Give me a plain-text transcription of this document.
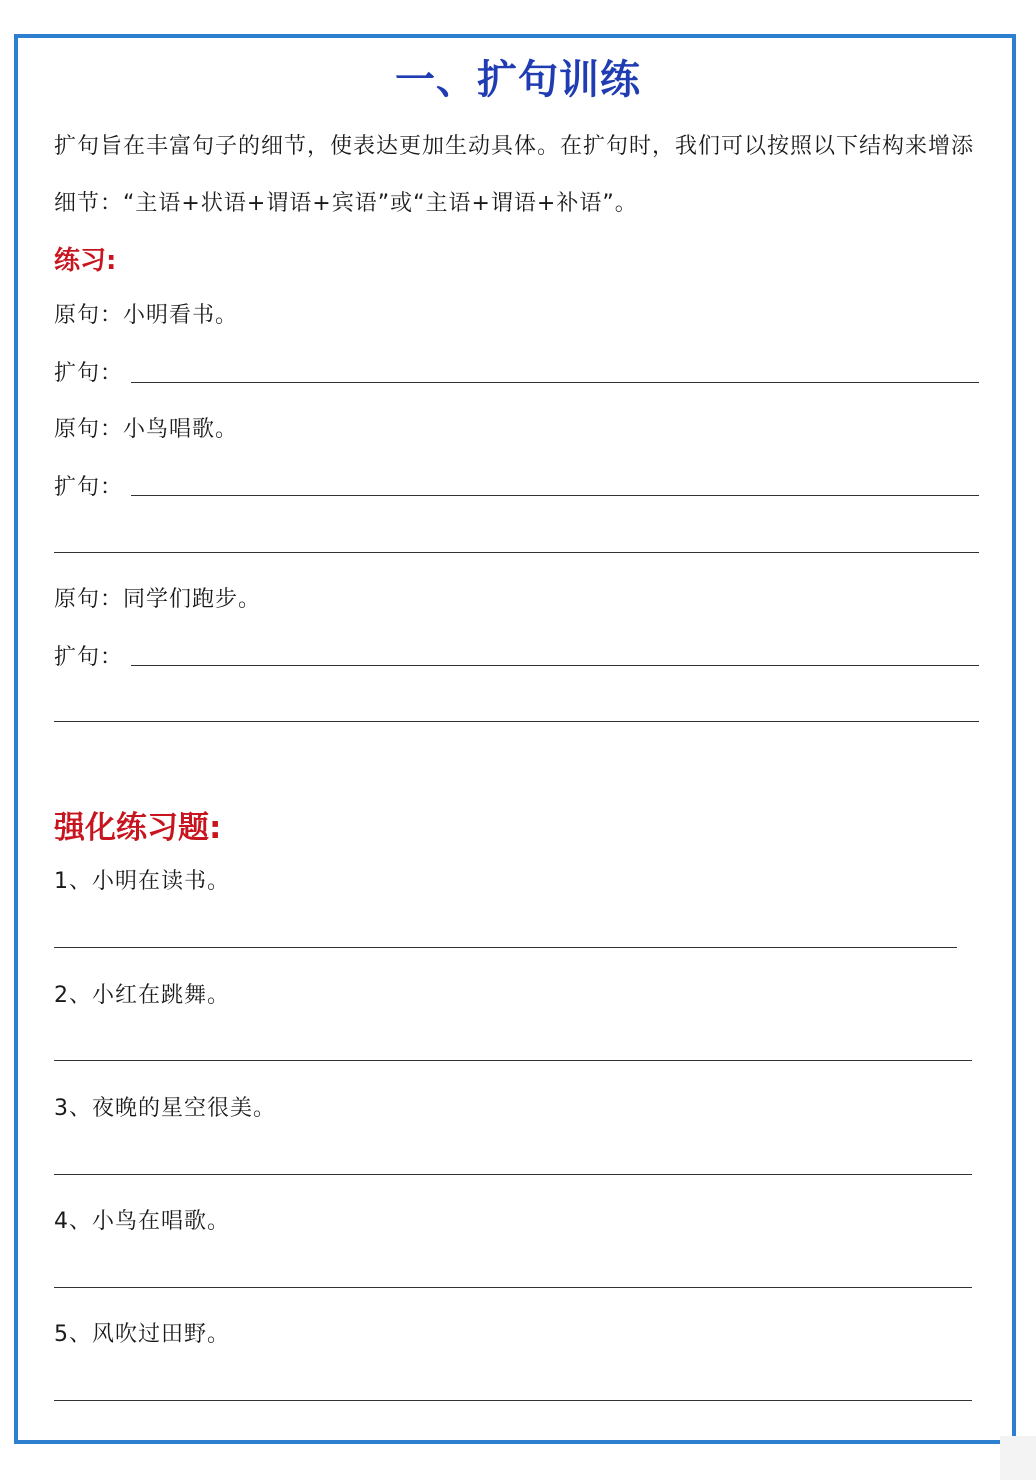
一、扩句训练
扩句旨在丰富句子的细节，使表达更加生动具体。在扩句时，我们可以按照以下结构来增添细节：“主语+状语+谓语+宾语”或“主语+谓语+补语”。
练习:
原句：小明看书。
扩句：
原句：小鸟唱歌。
扩句：
原句：同学们跑步。
扩句：
强化练习题:
1、小明在读书。
2、小红在跳舞。
3、夜晚的星空很美。
4、小鸟在唱歌。
5、风吹过田野。
